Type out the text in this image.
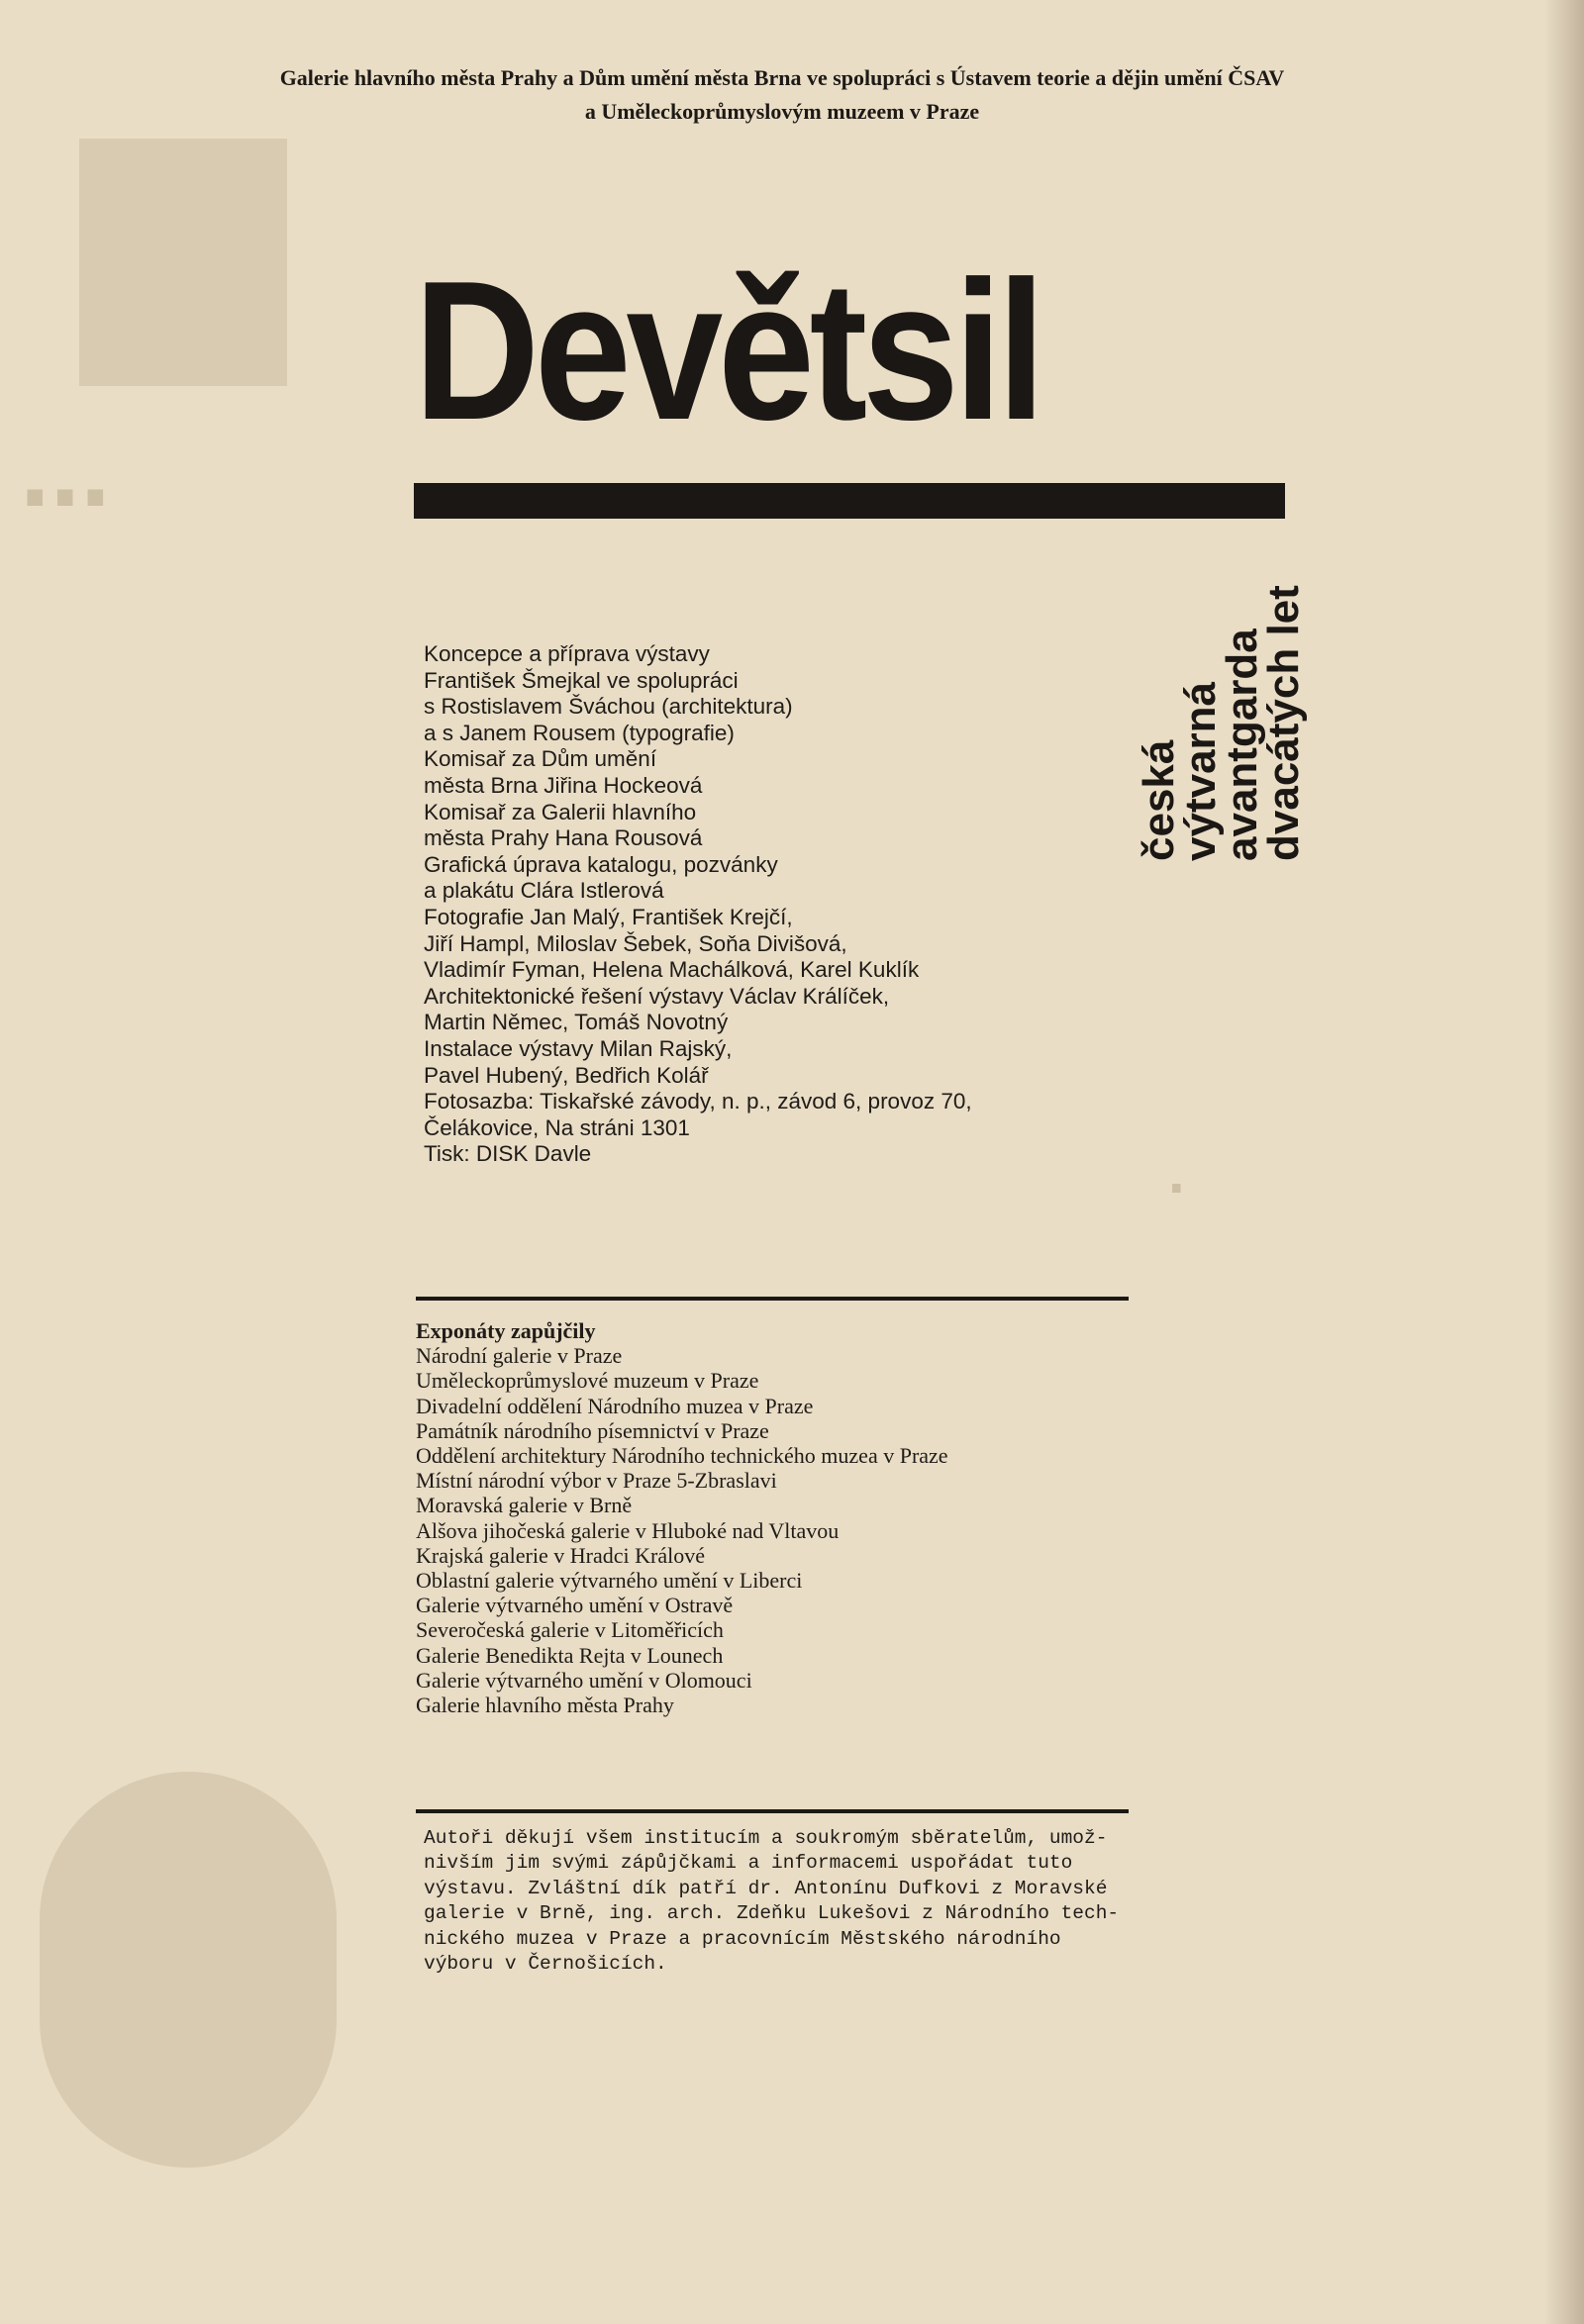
...
.
Galerie hlavního města Prahy a Dům umění města Brna ve spolupráci s Ústavem teorie a dějin umění ČSAV
a Uměleckoprůmyslovým muzeem v Praze
Devětsil
česká
výtvarná
avantgarda
dvacátých let
Koncepce a příprava výstavy
František Šmejkal ve spolupráci
s Rostislavem Šváchou (architektura)
a s Janem Rousem (typografie)
Komisař za Dům umění
města Brna Jiřina Hockeová
Komisař za Galerii hlavního
města Prahy Hana Rousová
Grafická úprava katalogu, pozvánky
a plakátu Clára Istlerová
Fotografie Jan Malý, František Krejčí,
Jiří Hampl, Miloslav Šebek, Soňa Divišová,
Vladimír Fyman, Helena Machálková, Karel Kuklík
Architektonické řešení výstavy Václav Králíček,
Martin Němec, Tomáš Novotný
Instalace výstavy Milan Rajský,
Pavel Hubený, Bedřich Kolář
Fotosazba: Tiskařské závody, n. p., závod 6, provoz 70,
Čelákovice, Na stráni 1301
Tisk: DISK Davle
Exponáty zapůjčily
Národní galerie v Praze
Uměleckoprůmyslové muzeum v Praze
Divadelní oddělení Národního muzea v Praze
Památník národního písemnictví v Praze
Oddělení architektury Národního technického muzea v Praze
Místní národní výbor v Praze 5-Zbraslavi
Moravská galerie v Brně
Alšova jihočeská galerie v Hluboké nad Vltavou
Krajská galerie v Hradci Králové
Oblastní galerie výtvarného umění v Liberci
Galerie výtvarného umění v Ostravě
Severočeská galerie v Litoměřicích
Galerie Benedikta Rejta v Lounech
Galerie výtvarného umění v Olomouci
Galerie hlavního města Prahy
Autoři děkují všem institucím a soukromým sběratelům, umož-
nivším jim svými zápůjčkami a informacemi uspořádat tuto
výstavu. Zvláštní dík patří dr. Antonínu Dufkovi z Moravské
galerie v Brně, ing. arch. Zdeňku Lukešovi z Národního tech-
nického muzea v Praze a pracovnícím Městského národního
výboru v Černošicích.
